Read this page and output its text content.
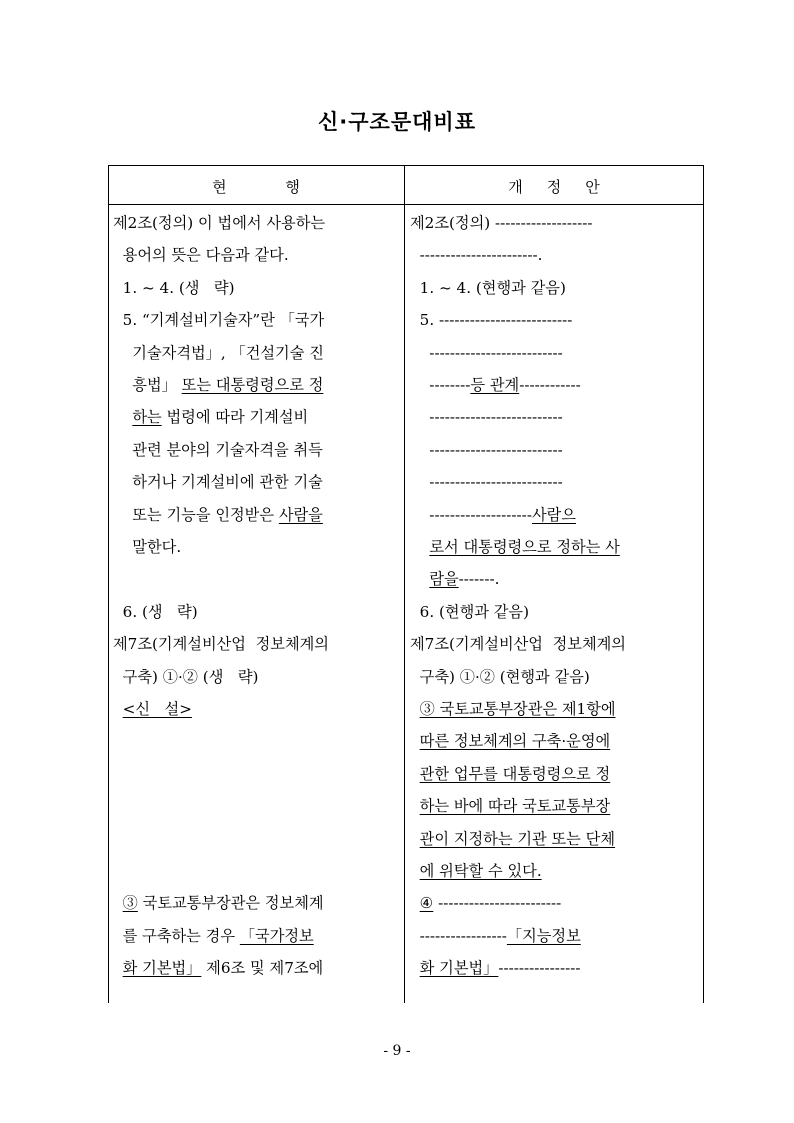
신·구조문대비표
현          행	개    정    안
제2조(정의) 이 법에서 사용하는
용어의 뜻은 다음과 같다.
1. ~ 4. (생   략)
5. “기계설비기술자”란 「국가
기술자격법」, 「건설기술 진
흥법」 또는 대통령령으로 정
하는 법령에 따라 기계설비
관련 분야의 기술자격을 취득
하거나 기계설비에 관한 기술
또는 기능을 인정받은 사람을
말한다.
6. (생   략)
제7조(기계설비산업  정보체계의
구축) ①·② (생   략)
<신   설>
③ 국토교통부장관은 정보체계
를 구축하는 경우 「국가정보
화 기본법」 제6조 및 제7조에
제2조(정의) -------------------
-----------------------.
1. ~ 4. (현행과 같음)
5. --------------------------
--------------------------
--------등 관계------------
--------------------------
--------------------------
--------------------------
--------------------사람으
로서 대통령령으로 정하는 사
람을-------.
6. (현행과 같음)
제7조(기계설비산업  정보체계의
구축) ①·② (현행과 같음)
③ 국토교통부장관은 제1항에
따른 정보체계의 구축·운영에
관한 업무를 대통령령으로 정
하는 바에 따라 국토교통부장
관이 지정하는 기관 또는 단체
에 위탁할 수 있다.
④ ------------------------
-----------------「지능정보
화 기본법」----------------
- 9 -
